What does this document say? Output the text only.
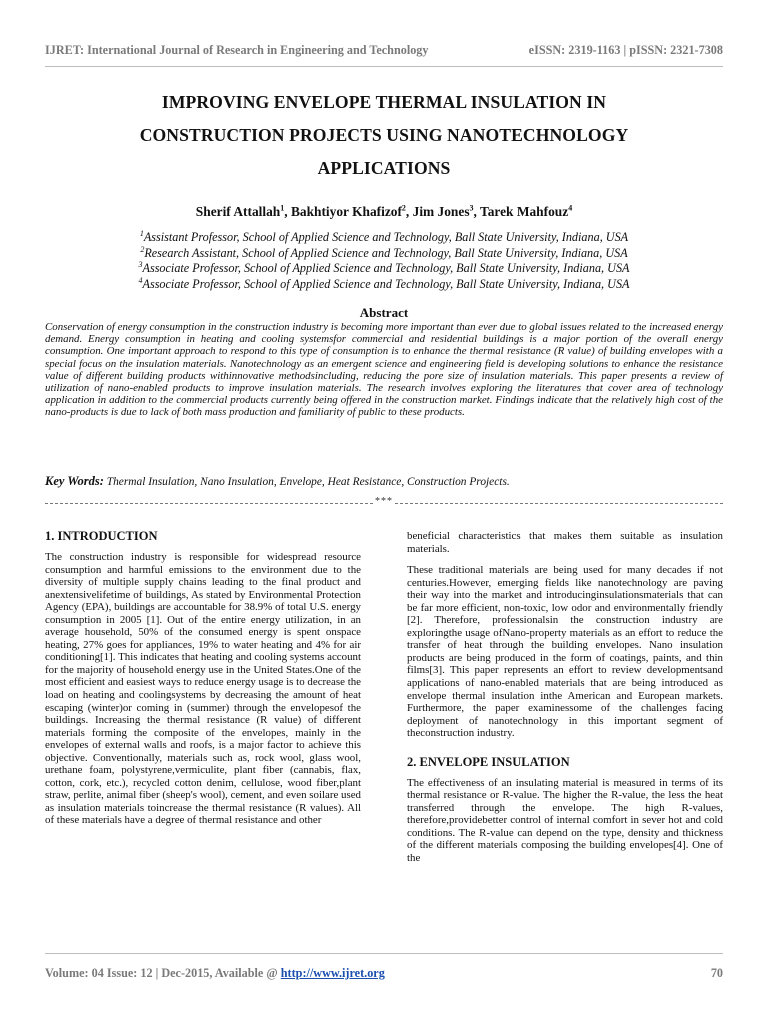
IJRET: International Journal of Research in Engineering and Technology	eISSN: 2319-1163 | pISSN: 2321-7308
IMPROVING ENVELOPE THERMAL INSULATION IN
CONSTRUCTION PROJECTS USING NANOTECHNOLOGY
APPLICATIONS
Sherif Attallah$^1$, Bakhtiyor Khafizof$^2$, Jim Jones$^3$, Tarek Mahfouz$^4$
$^1$Assistant Professor, School of Applied Science and Technology, Ball State University, Indiana, USA
$^2$Research Assistant, School of Applied Science and Technology, Ball State University, Indiana, USA
$^3$Associate Professor, School of Applied Science and Technology, Ball State University, Indiana, USA
$^4$Associate Professor, School of Applied Science and Technology, Ball State University, Indiana, USA
Abstract
Conservation of energy consumption in the construction industry is becoming more important than ever due to global issues related to the increased energy demand. Energy consumption in heating and cooling systemsfor commercial and residential buildings is a major portion of the overall energy consumption. One important approach to respond to this type of consumption is to enhance the thermal resistance (R value) of building envelopes with a special focus on the insulation materials. Nanotechnology as an emergent science and engineering field is developing solutions to enhance the resistance value of different building products withinnovative methodsincluding, reducing the pore size of insulation materials. This paper presents a review of utilization of nano-enabled products to improve insulation materials. The research involves exploring the literatures that cover area of technology application in addition to the commercial products currently being offered in the construction market. Findings indicate that the relatively high cost of the nano-products is due to lack of both mass production and familiarity of public to these products.
Key Words: Thermal Insulation, Nano Insulation, Envelope, Heat Resistance, Construction Projects.
***
1. INTRODUCTION

The construction industry is responsible for widespread resource consumption and harmful emissions to the environment due to the diversity of multiple supply chains leading to the final product and anextensivelifetime of buildings, As stated by Environmental Protection Agency (EPA), buildings are accountable for 38.9% of total U.S. energy consumption in 2005 [1]. Out of the entire energy utilization, in an average household, 50% of the consumed energy is spent onspace heating, 27% goes for appliances, 19% to water heating and 4% for air conditioning[1]. This indicates that heating and cooling systems account for the majority of household energy use in the United States.One of the most efficient and easiest ways to reduce energy usage is to decrease the load on heating and coolingsystems by decreasing the amount of heat escaping (winter)or coming in (summer) through the envelopesof the buildings. Increasing the thermal resistance (R value) of different materials forming the composite of the envelopes, mainly in the envelopes of external walls and roofs, is a major factor to achieve this objective. Conventionally, materials such as, rock wool, glass wool, urethane foam, polystyrene,vermiculite, plant fiber (cannabis, flax, cotton, cork, etc.), recycled cotton denim, cellulose, wood fiber,plant straw, perlite, animal fiber (sheep's wool), cement, and even soilare used as insulation materials toincrease the thermal resistance (R values). All of these materials have a degree of thermal resistance and other

beneficial characteristics that makes them suitable as insulation materials.

These traditional materials are being used for many decades if not centuries.However, emerging fields like nanotechnology are paving their way into the market and introducinginsulationsmaterials that can be far more efficient, non-toxic, low odor and environmentally friendly [2]. Therefore, professionalsin the construction industry are exploringthe usage ofNano-property materials as an effort to reduce the transfer of heat through the building envelopes. Nano insulation products are being produced in the form of coatings, paints, and thin films[3]. This paper represents an effort to review developmentsand applications of nano-enabled materials that are being introduced as envelope thermal insulation inthe American and European markets. Furthermore, the paper examinessome of the challenges facing deployment of nanotechnology in this important segment of theconstruction industry.

2. ENVELOPE INSULATION

The effectiveness of an insulating material is measured in terms of its thermal resistance or R-value. The higher the R-value, the less the heat transferred through the envelope. The high R-values, therefore,providebetter control of internal comfort in sever hot and cold conditions. The R-value can depend on the type, density and thickness of the different materials composing the building envelopes[4]. One of the

Volume: 04 Issue: 12 | Dec-2015, Available @ http://www.ijret.org	70
